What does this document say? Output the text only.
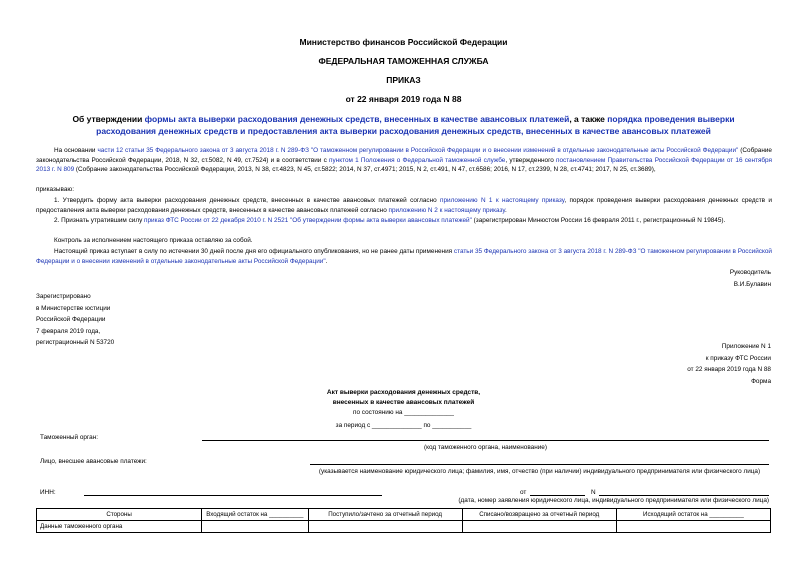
Министерство финансов Российской Федерации

ФЕДЕРАЛЬНАЯ ТАМОЖЕННАЯ СЛУЖБА

ПРИКАЗ

от 22 января 2019 года N 88

Об утверждении формы акта выверки расходования денежных средств, внесенных в качестве авансовых платежей, а также порядка проведения выверки расходования денежных средств и предоставления акта выверки расходования денежных средств, внесенных в качестве авансовых платежей

На основании части 12 статьи 35 Федерального закона от 3 августа 2018 г. N 289-ФЗ "О таможенном регулировании в Российской Федерации и о внесении изменений в отдельные законодательные акты Российской Федерации" (Собрание законодательства Российской Федерации, 2018, N 32, ст.5082, N 49, ст.7524) и в соответствии с пунктом 1 Положения о Федеральной таможенной службе, утвержденного постановлением Правительства Российской Федерации от 16 сентября 2013 г. N 809 (Собрание законодательства Российской Федерации, 2013, N 38, ст.4823, N 45, ст.5822; 2014, N 37, ст.4971; 2015, N 2, ст.491, N 47, ст.6586; 2016, N 17, ст.2399, N 28, ст.4741; 2017, N 25, ст.3689),

приказываю:

1. Утвердить форму акта выверки расходования денежных средств, внесенных в качестве авансовых платежей согласно приложению N 1 к настоящему приказу, порядок проведения выверки расходования денежных средств и предоставления акта выверки расходования денежных средств, внесенных в качестве авансовых платежей согласно приложению N 2 к настоящему приказу.

2. Признать утратившим силу приказ ФТС России от 22 декабря 2010 г. N 2521 "Об утверждении формы акта выверки авансовых платежей" (зарегистрирован Минюстом России 16 февраля 2011 г., регистрационный N 19845).

Контроль за исполнением настоящего приказа оставляю за собой.

Настоящий приказ вступает в силу по истечении 30 дней после дня его официального опубликования, но не ранее даты применения статьи 35 Федерального закона от 3 августа 2018 г. N 289-ФЗ "О таможенном регулировании в Российской Федерации и о внесении изменений в отдельные законодательные акты Российской Федерации".

Руководитель
В.И.Булавин
Зарегистрировано
в Министерстве юстиции
Российской Федерации
7 февраля 2019 года,
регистрационный N 53720
Приложение N 1
к приказу ФТС России
от 22 января 2019 года N 88
Форма
Акт выверки расходования денежных средств,
внесенных в качестве авансовых платежей
по состоянию на ______________
за период с ______________ по ___________
Таможенный орган:
(код таможенного органа, наименование)
Лицо, внесшее авансовые платежи:
(указывается наименование юридического лица; фамилия, имя, отчество (при наличии) индивидуального предпринимателя или физического лица)
ИНН:	от	N
(дата, номер заявления юридического лица, индивидуального предпринимателя или физического лица)
Стороны	Входящий остаток на __________	Поступило/зачтено за отчетный период	Списано/возвращено за отчетный период	Исходящий остаток на __________
Данные таможенного органа				
